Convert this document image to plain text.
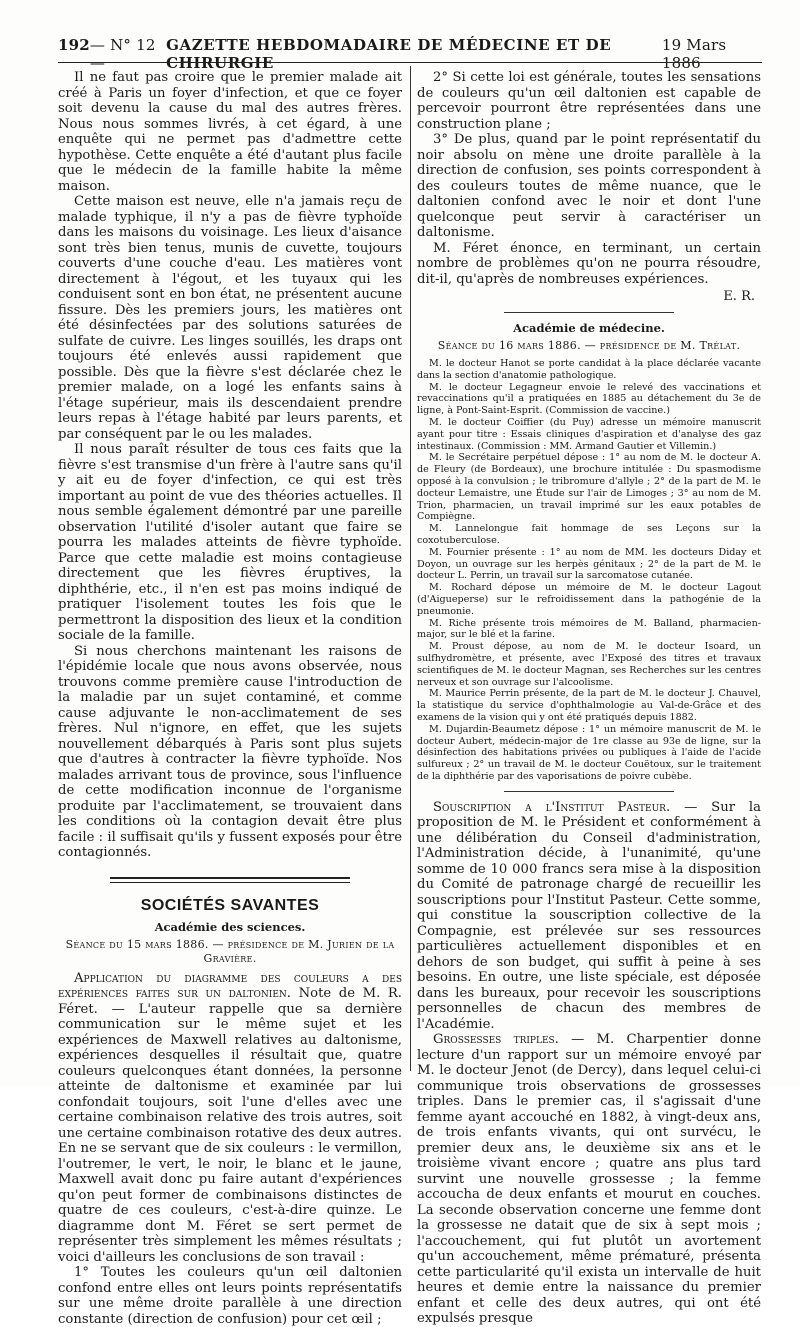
192 — N° 12 —
GAZETTE HEBDOMADAIRE DE MÉDECINE ET DE CHIRURGIE
19 Mars 1886

Il ne faut pas croire que le premier malade ait créé à Paris un foyer d'infection, et que ce foyer soit devenu la cause du mal des autres frères. Nous nous sommes livrés, à cet égard, à une enquête qui ne permet pas d'admettre cette hypothèse. Cette enquête a été d'autant plus facile que le médecin de la famille habite la même maison.

Cette maison est neuve, elle n'a jamais reçu de malade typhique, il n'y a pas de fièvre typhoïde dans les maisons du voisinage. Les lieux d'aisance sont très bien tenus, munis de cuvette, toujours couverts d'une couche d'eau. Les matières vont directement à l'égout, et les tuyaux qui les conduisent sont en bon état, ne présentent aucune fissure. Dès les premiers jours, les matières ont été désinfectées par des solutions saturées de sulfate de cuivre. Les linges souillés, les draps ont toujours été enlevés aussi rapidement que possible. Dès que la fièvre s'est déclarée chez le premier malade, on a logé les enfants sains à l'étage supérieur, mais ils descendaient prendre leurs repas à l'étage habité par leurs parents, et par conséquent par le ou les malades.

Il nous paraît résulter de tous ces faits que la fièvre s'est transmise d'un frère à l'autre sans qu'il y ait eu de foyer d'infection, ce qui est très important au point de vue des théories actuelles. Il nous semble également démontré par une pareille observation l'utilité d'isoler autant que faire se pourra les malades atteints de fièvre typhoïde. Parce que cette maladie est moins contagieuse directement que les fièvres éruptives, la diphthérie, etc., il n'en est pas moins indiqué de pratiquer l'isolement toutes les fois que le permettront la disposition des lieux et la condition sociale de la famille.

Si nous cherchons maintenant les raisons de l'épidémie locale que nous avons observée, nous trouvons comme première cause l'introduction de la maladie par un sujet contaminé, et comme cause adjuvante le non-acclimatement de ses frères. Nul n'ignore, en effet, que les sujets nouvellement débarqués à Paris sont plus sujets que d'autres à contracter la fièvre typhoïde. Nos malades arrivant tous de province, sous l'influence de cette modification inconnue de l'organisme produite par l'acclimatement, se trouvaient dans les conditions où la contagion devait être plus facile : il suffisait qu'ils y fussent exposés pour être contagionnés.

SOCIÉTÉS SAVANTES
Académie des sciences.
Séance du 15 mars 1886. — présidence de M. Jurien de la Gravière.

Application du diagramme des couleurs a des expériences faites sur un daltonien. Note de M. R. Féret. — L'auteur rappelle que sa dernière communication sur le même sujet et les expériences de Maxwell relatives au daltonisme, expériences desquelles il résultait que, quatre couleurs quelconques étant données, la personne atteinte de daltonisme et examinée par lui confondait toujours, soit l'une d'elles avec une certaine combinaison relative des trois autres, soit une certaine combinaison rotative des deux autres. En ne se servant que de six couleurs : le vermillon, l'outremer, le vert, le noir, le blanc et le jaune, Maxwell avait donc pu faire autant d'expériences qu'on peut former de combinaisons distinctes de quatre de ces couleurs, c'est-à-dire quinze. Le diagramme dont M. Féret se sert permet de représenter très simplement les mêmes résultats ; voici d'ailleurs les conclusions de son travail :

1° Toutes les couleurs qu'un œil daltonien confond entre elles ont leurs points représentatifs sur une même droite parallèle à une direction constante (direction de confusion) pour cet œil ;

2° Si cette loi est générale, toutes les sensations de couleurs qu'un œil daltonien est capable de percevoir pourront être représentées dans une construction plane ;

3° De plus, quand par le point représentatif du noir absolu on mène une droite parallèle à la direction de confusion, ses points correspondent à des couleurs toutes de même nuance, que le daltonien confond avec le noir et dont l'une quelconque peut servir à caractériser un daltonisme.

M. Féret énonce, en terminant, un certain nombre de problèmes qu'on ne pourra résoudre, dit-il, qu'après de nombreuses expériences.

E. R.
Académie de médecine.
Séance du 16 mars 1886. — présidence de M. Trélat.

M. le docteur Hanot se porte candidat à la place déclarée vacante dans la section d'anatomie pathologique.

M. le docteur Legagneur envoie le relevé des vaccinations et revaccinations qu'il a pratiquées en 1885 au détachement du 3e de ligne, à Pont-Saint-Esprit. (Commission de vaccine.)

M. le docteur Coiffier (du Puy) adresse un mémoire manuscrit ayant pour titre : Essais cliniques d'aspiration et d'analyse des gaz intestinaux. (Commission : MM. Armand Gautier et Villemin.)

M. le Secrétaire perpétuel dépose : 1° au nom de M. le docteur A. de Fleury (de Bordeaux), une brochure intitulée : Du spasmodisme opposé à la convulsion ; le tribromure d'allyle ; 2° de la part de M. le docteur Lemaistre, une Étude sur l'air de Limoges ; 3° au nom de M. Trion, pharmacien, un travail imprimé sur les eaux potables de Compiègne.

M. Lannelongue fait hommage de ses Leçons sur la coxotuberculose.

M. Fournier présente : 1° au nom de MM. les docteurs Diday et Doyon, un ouvrage sur les herpès génitaux ; 2° de la part de M. le docteur L. Perrin, un travail sur la sarcomatose cutanée.

M. Rochard dépose un mémoire de M. le docteur Lagout (d'Aigueperse) sur le refroidissement dans la pathogénie de la pneumonie.

M. Riche présente trois mémoires de M. Balland, pharmacien-major, sur le blé et la farine.

M. Proust dépose, au nom de M. le docteur Isoard, un sulfhydromètre, et présente, avec l'Exposé des titres et travaux scientifiques de M. le docteur Magnan, ses Recherches sur les centres nerveux et son ouvrage sur l'alcoolisme.

M. Maurice Perrin présente, de la part de M. le docteur J. Chauvel, la statistique du service d'ophthalmologie au Val-de-Grâce et des examens de la vision qui y ont été pratiqués depuis 1882.

M. Dujardin-Beaumetz dépose : 1° un mémoire manuscrit de M. le docteur Aubert, médecin-major de 1re classe au 93e de ligne, sur la désinfection des habitations privées ou publiques à l'aide de l'acide sulfureux ; 2° un travail de M. le docteur Couëtoux, sur le traitement de la diphthérie par des vaporisations de poivre cubèbe.

Souscription a l'Institut Pasteur. — Sur la proposition de M. le Président et conformément à une délibération du Conseil d'administration, l'Administration décide, à l'unanimité, qu'une somme de 10 000 francs sera mise à la disposition du Comité de patronage chargé de recueillir les souscriptions pour l'Institut Pasteur. Cette somme, qui constitue la souscription collective de la Compagnie, est prélevée sur ses ressources particulières actuellement disponibles et en dehors de son budget, qui suffit à peine à ses besoins. En outre, une liste spéciale, est déposée dans les bureaux, pour recevoir les souscriptions personnelles de chacun des membres de l'Académie.

Grossesses triples. — M. Charpentier donne lecture d'un rapport sur un mémoire envoyé par M. le docteur Jenot (de Dercy), dans lequel celui-ci communique trois observations de grossesses triples. Dans le premier cas, il s'agissait d'une femme ayant accouché en 1882, à vingt-deux ans, de trois enfants vivants, qui ont survécu, le premier deux ans, le deuxième six ans et le troisième vivant encore ; quatre ans plus tard survint une nouvelle grossesse ; la femme accoucha de deux enfants et mourut en couches. La seconde observation concerne une femme dont la grossesse ne datait que de six à sept mois ; l'accouchement, qui fut plutôt un avortement qu'un accouchement, même prématuré, présenta cette particularité qu'il exista un intervalle de huit heures et demie entre la naissance du premier enfant et celle des deux autres, qui ont été expulsés presque
